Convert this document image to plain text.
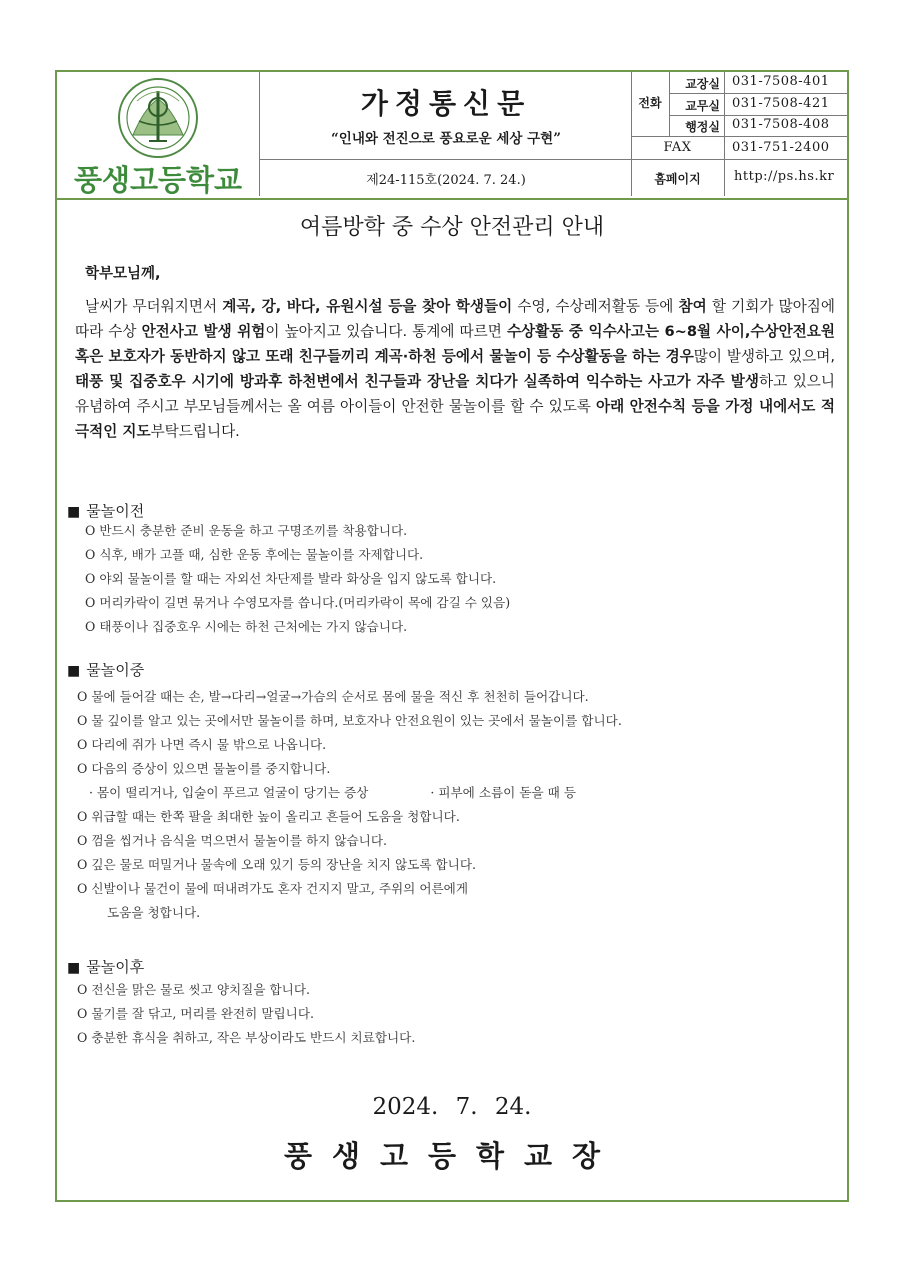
풍생고등학교
가정통신문
“인내와 전진으로 풍요로운 세상 구현”
제24-115호(2024. 7. 24.)
전화
교장실 031-7508-401
교무실 031-7508-421
행정실 031-7508-408
FAX	031-751-2400
홈페이지	http://ps.hs.kr
여름방학 중 수상 안전관리 안내
학부모님께,
날씨가 무더워지면서 계곡, 강, 바다, 유원시설 등을 찾아 학생들이 수영, 수상레저활동 등에 참여 할 기회가 많아짐에 따라 수상 안전사고 발생 위험이 높아지고 있습니다. 통계에 따르면 수상활동 중 익수사고는 6~8월 사이,수상안전요원 혹은 보호자가 동반하지 않고 또래 친구들끼리 계곡·하천 등에서 물놀이 등 수상활동을 하는 경우많이 발생하고 있으며, 태풍 및 집중호우 시기에 방과후 하천변에서 친구들과 장난을 치다가 실족하여 익수하는 사고가 자주 발생하고 있으니 유념하여 주시고 부모님들께서는 올 여름 아이들이 안전한 물놀이를 할 수 있도록 아래 안전수칙 등을 가정 내에서도 적극적인 지도부탁드립니다.
■ 물놀이전
O 반드시 충분한 준비 운동을 하고 구명조끼를 착용합니다.
O 식후, 배가 고플 때, 심한 운동 후에는 물놀이를 자제합니다.
O 야외 물놀이를 할 때는 자외선 차단제를 발라 화상을 입지 않도록 합니다.
O 머리카락이 길면 묶거나 수영모자를 씁니다.(머리카락이 목에 감길 수 있음)
O 태풍이나 집중호우 시에는 하천 근처에는 가지 않습니다.
■ 물놀이중
O 물에 들어갈 때는 손, 발→다리→얼굴→가슴의 순서로 몸에 물을 적신 후 천천히 들어갑니다.
O 물 깊이를 알고 있는 곳에서만 물놀이를 하며, 보호자나 안전요원이 있는 곳에서 물놀이를 합니다.
O 다리에 쥐가 나면 즉시 물 밖으로 나옵니다.
O 다음의 증상이 있으면 물놀이를 중지합니다.
· 몸이 떨리거나, 입술이 푸르고 얼굴이 당기는 증상	· 피부에 소름이 돋을 때 등
O 위급할 때는 한쪽 팔을 최대한 높이 올리고 흔들어 도움을 청합니다.
O 껌을 씹거나 음식을 먹으면서 물놀이를 하지 않습니다.
O 깊은 물로 떠밀거나 물속에 오래 있기 등의 장난을 치지 않도록 합니다.
O 신발이나 물건이 물에 떠내려가도 혼자 건지지 말고, 주위의 어른에게
도움을 청합니다.
■ 물놀이후
O 전신을 맑은 물로 씻고 양치질을 합니다.
O 물기를 잘 닦고, 머리를 완전히 말립니다.
O 충분한 휴식을 취하고, 작은 부상이라도 반드시 치료합니다.
2024. 7. 24.
풍생고등학교장
